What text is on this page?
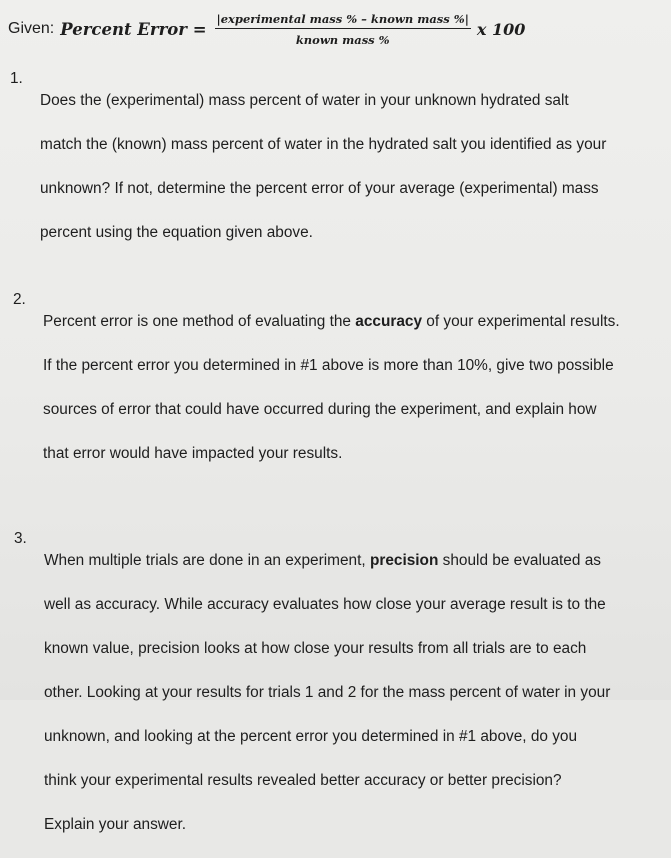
Given: Percent Error = $\frac{\text{|experimental mass \% – known mass \%|}}{\text{known mass \%}}$ x 100
1.

Does the (experimental) mass percent of water in your unknown hydrated salt

match the (known) mass percent of water in the hydrated salt you identified as your

unknown? If not, determine the percent error of your average (experimental) mass

percent using the equation given above.

2.

Percent error is one method of evaluating the accuracy of your experimental results.

If the percent error you determined in #1 above is more than 10%, give two possible

sources of error that could have occurred during the experiment, and explain how

that error would have impacted your results.

3.

When multiple trials are done in an experiment, precision should be evaluated as

well as accuracy. While accuracy evaluates how close your average result is to the

known value, precision looks at how close your results from all trials are to each

other. Looking at your results for trials 1 and 2 for the mass percent of water in your

unknown, and looking at the percent error you determined in #1 above, do you

think your experimental results revealed better accuracy or better precision?

Explain your answer.
